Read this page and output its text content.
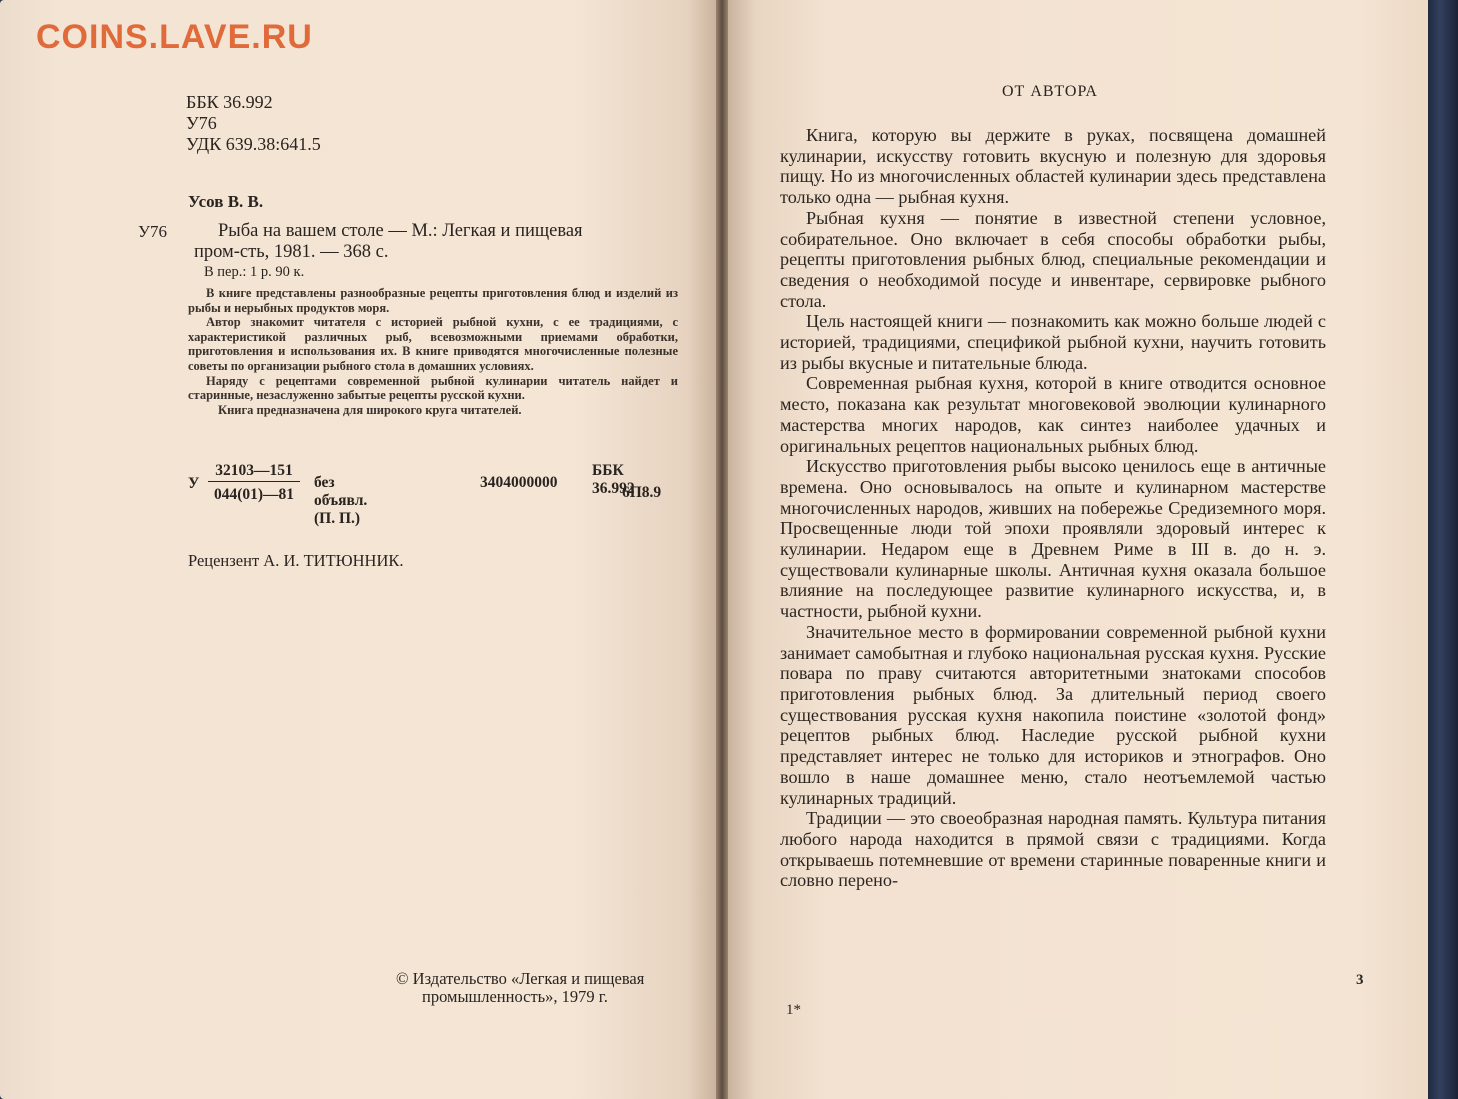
ББК 36.992
У76
УДК 639.38:641.5
Усов В. В.
У76	Рыба на вашем столе — М.: Легкая и пищевая
пром-сть, 1981. — 368 с.
В пер.: 1 р. 90 к.

В книге представлены разнообразные рецепты приготовления блюд и изделий из рыбы и нерыбных продуктов моря.

Автор знакомит читателя с историей рыбной кухни, с ее традициями, с характеристикой различных рыб, всевозможными приемами обработки, приготовления и использования их. В книге приводятся многочисленные полезные советы по организации рыбного стола в домашних условиях.

Наряду с рецептами современной рыбной кулинарии читатель найдет и старинные, незаслуженно забытые рецепты русской кухни.

Книга предназначена для широкого круга читателей.

У
32103—151
044(01)—81
без объявл. (П. П.)
3404000000
ББК 36.992
6П8.9
Рецензент А. И. ТИТЮННИК.
© Издательство «Легкая и пищевая
промышленность», 1979 г.
ОТ АВТОРА

Книга, которую вы держите в руках, посвящена домашней кулинарии, искусству готовить вкусную и полезную для здоровья пищу. Но из многочисленных областей кулинарии здесь представлена только одна — рыбная кухня.

Рыбная кухня — понятие в известной степени условное, собирательное. Оно включает в себя способы обработки рыбы, рецепты приготовления рыбных блюд, специальные рекомендации и сведения о необходимой посуде и инвентаре, сервировке рыбного стола.

Цель настоящей книги — познакомить как можно больше людей с историей, традициями, спецификой рыбной кухни, научить готовить из рыбы вкусные и питательные блюда.

Современная рыбная кухня, которой в книге отводится основное место, показана как результат многовековой эволюции кулинарного мастерства многих народов, как синтез наиболее удачных и оригинальных рецептов национальных рыбных блюд.

Искусство приготовления рыбы высоко ценилось еще в античные времена. Оно основывалось на опыте и кулинарном мастерстве многочисленных народов, живших на побережье Средиземного моря. Просвещенные люди той эпохи проявляли здоровый интерес к кулинарии. Недаром еще в Древнем Риме в III в. до н. э. существовали кулинарные школы. Античная кухня оказала большое влияние на последующее развитие кулинарного искусства, и, в частности, рыбной кухни.

Значительное место в формировании современной рыбной кухни занимает самобытная и глубоко национальная русская кухня. Русские повара по праву считаются авторитетными знатоками способов приготовления рыбных блюд. За длительный период своего существования русская кухня накопила поистине «золотой фонд» рецептов рыбных блюд. Наследие русской рыбной кухни представляет интерес не только для историков и этнографов. Оно вошло в наше домашнее меню, стало неотъемлемой частью кулинарных традиций.

Традиции — это своеобразная народная память. Культура питания любого народа находится в прямой связи с традициями. Когда открываешь потемневшие от времени старинные поваренные книги и словно перено-

3
1*
COINS.LAVE.RU
